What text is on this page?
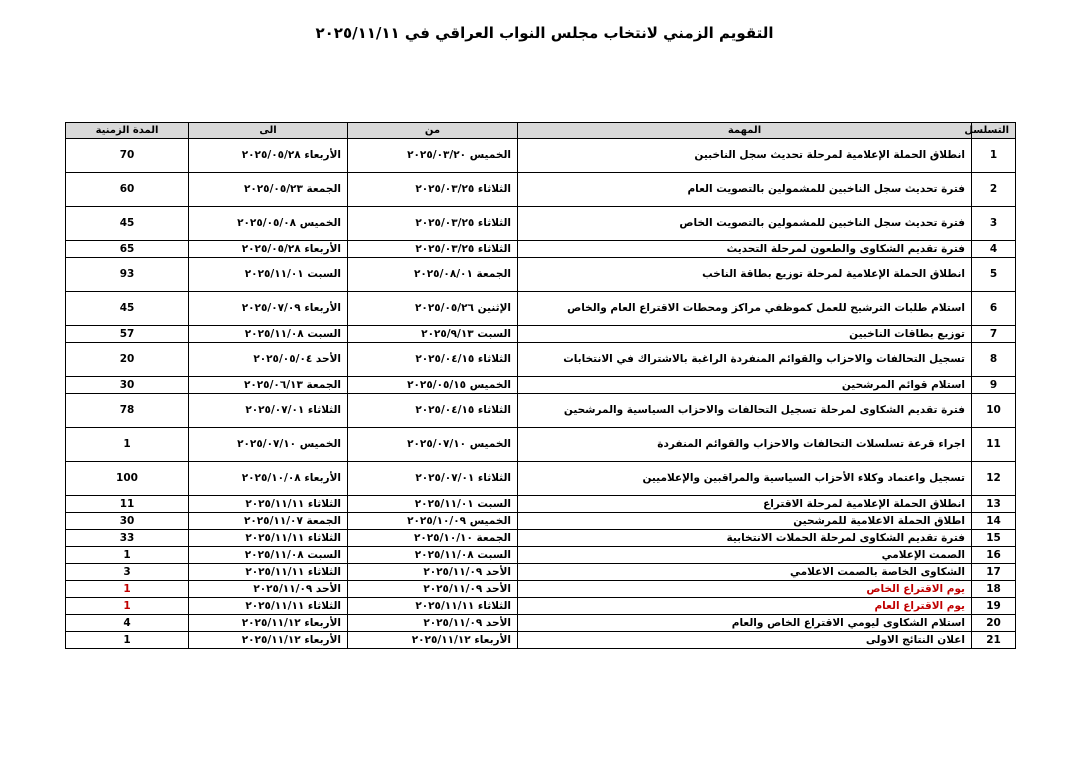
التقويم الزمني لانتخاب مجلس النواب العراقي في ٢٠٢٥/١١/١١
التسلسل	المهمة	من	الى	المدة الزمنية
1	انطلاق الحملة الإعلامية لمرحلة تحديث سجل الناخبين	الخميس ٢٠٢٥/٠٣/٢٠	الأربعاء ٢٠٢٥/٠٥/٢٨	70
2	فترة تحديث سجل الناخبين للمشمولين بالتصويت العام	الثلاثاء ٢٠٢٥/٠٣/٢٥	الجمعة ٢٠٢٥/٠٥/٢٣	60
3	فترة تحديث سجل الناخبين للمشمولين بالتصويت الخاص	الثلاثاء ٢٠٢٥/٠٣/٢٥	الخميس ٢٠٢٥/٠٥/٠٨	45
4	فترة تقديم الشكاوى والطعون لمرحلة التحديث	الثلاثاء ٢٠٢٥/٠٣/٢٥	الأربعاء ٢٠٢٥/٠٥/٢٨	65
5	انطلاق الحملة الإعلامية لمرحلة توزيع بطاقة الناخب	الجمعة ٢٠٢٥/٠٨/٠١	السبت ٢٠٢٥/١١/٠١	93
6	استلام طلبات الترشيح للعمل كموظفي مراكز ومحطات الاقتراع العام والخاص	الإثنين ٢٠٢٥/٠٥/٢٦	الأربعاء ٢٠٢٥/٠٧/٠٩	45
7	توزيع بطاقات الناخبين	السبت ٢٠٢٥/٩/١٣	السبت ٢٠٢٥/١١/٠٨	57
8	تسجيل التحالفات والاحزاب والقوائم المنفردة الراغبة بالاشتراك في الانتخابات	الثلاثاء ٢٠٢٥/٠٤/١٥	الأحد ٢٠٢٥/٠٥/٠٤	20
9	استلام قوائم المرشحين	الخميس ٢٠٢٥/٠٥/١٥	الجمعة ٢٠٢٥/٠٦/١٣	30
10	فترة تقديم الشكاوى لمرحلة تسجيل التحالفات والاحزاب السياسية والمرشحين	الثلاثاء ٢٠٢٥/٠٤/١٥	الثلاثاء ٢٠٢٥/٠٧/٠١	78
11	اجراء قرعة تسلسلات التحالفات والاحزاب والقوائم المنفردة	الخميس ٢٠٢٥/٠٧/١٠	الخميس ٢٠٢٥/٠٧/١٠	1
12	تسجيل واعتماد وكلاء الأحزاب السياسية والمراقبين والإعلاميين	الثلاثاء ٢٠٢٥/٠٧/٠١	الأربعاء ٢٠٢٥/١٠/٠٨	100
13	انطلاق الحملة الإعلامية لمرحلة الاقتراع	السبت ٢٠٢٥/١١/٠١	الثلاثاء ٢٠٢٥/١١/١١	11
14	اطلاق الحملة الاعلامية للمرشحين	الخميس ٢٠٢٥/١٠/٠٩	الجمعة ٢٠٢٥/١١/٠٧	30
15	فترة تقديم الشكاوى لمرحلة الحملات الانتخابية	الجمعة ٢٠٢٥/١٠/١٠	الثلاثاء ٢٠٢٥/١١/١١	33
16	الصمت الإعلامي	السبت ٢٠٢٥/١١/٠٨	السبت ٢٠٢٥/١١/٠٨	1
17	الشكاوى الخاصة بالصمت الاعلامي	الأحد ٢٠٢٥/١١/٠٩	الثلاثاء ٢٠٢٥/١١/١١	3
18	يوم الاقتراع الخاص	الأحد ٢٠٢٥/١١/٠٩	الأحد ٢٠٢٥/١١/٠٩	1
19	يوم الاقتراع العام	الثلاثاء ٢٠٢٥/١١/١١	الثلاثاء ٢٠٢٥/١١/١١	1
20	استلام الشكاوى ليومي الاقتراع الخاص والعام	الأحد ٢٠٢٥/١١/٠٩	الأربعاء ٢٠٢٥/١١/١٢	4
21	اعلان النتائج الاولى	الأربعاء ٢٠٢٥/١١/١٢	الأربعاء ٢٠٢٥/١١/١٢	1
